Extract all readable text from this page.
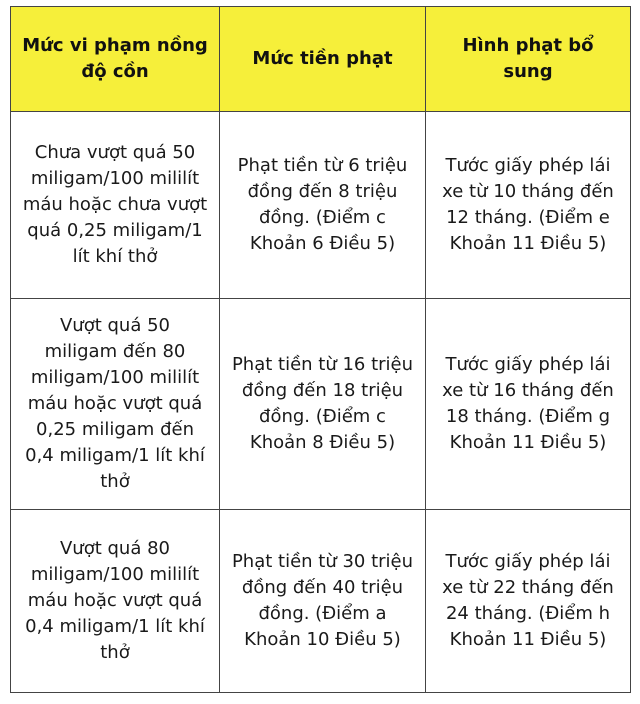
Mức vi phạm nồng độ cồn	Mức tiền phạt	Hình phạt bổ sung
Chưa vượt quá 50 miligam/100 mililít máu hoặc chưa vượt quá 0,25 miligam/1 lít khí thở	Phạt tiền từ 6 triệu đồng đến 8 triệu đồng. (Điểm c Khoản 6 Điều 5)	Tước giấy phép lái xe từ 10 tháng đến 12 tháng. (Điểm e Khoản 11 Điều 5)
Vượt quá 50 miligam đến 80 miligam/100 mililít máu hoặc vượt quá 0,25 miligam đến 0,4 miligam/1 lít khí thở	Phạt tiền từ 16 triệu đồng đến 18 triệu đồng. (Điểm c Khoản 8 Điều 5)	Tước giấy phép lái xe từ 16 tháng đến 18 tháng. (Điểm g Khoản 11 Điều 5)
Vượt quá 80 miligam/100 mililít máu hoặc vượt quá 0,4 miligam/1 lít khí thở	Phạt tiền từ 30 triệu đồng đến 40 triệu đồng. (Điểm a Khoản 10 Điều 5)	Tước giấy phép lái xe từ 22 tháng đến 24 tháng. (Điểm h Khoản 11 Điều 5)
